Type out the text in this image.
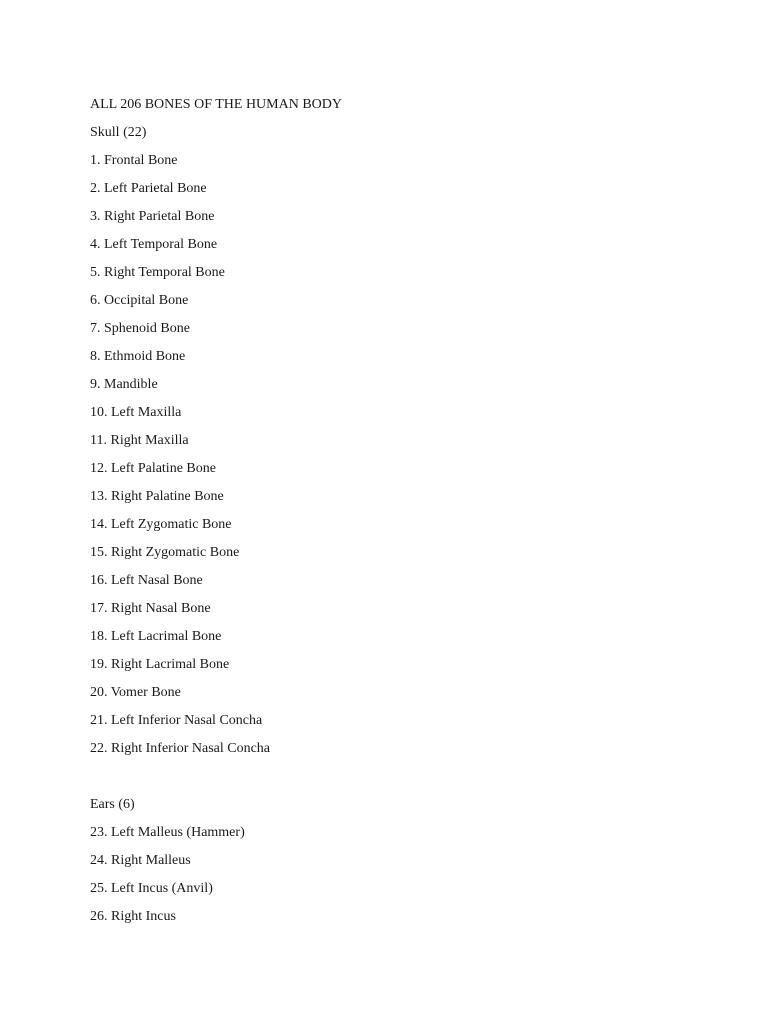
ALL 206 BONES OF THE HUMAN BODY
Skull (22)
1. Frontal Bone
2. Left Parietal Bone
3. Right Parietal Bone
4. Left Temporal Bone
5. Right Temporal Bone
6. Occipital Bone
7. Sphenoid Bone
8. Ethmoid Bone
9. Mandible
10. Left Maxilla
11. Right Maxilla
12. Left Palatine Bone
13. Right Palatine Bone
14. Left Zygomatic Bone
15. Right Zygomatic Bone
16. Left Nasal Bone
17. Right Nasal Bone
18. Left Lacrimal Bone
19. Right Lacrimal Bone
20. Vomer Bone
21. Left Inferior Nasal Concha
22. Right Inferior Nasal Concha
Ears (6)
23. Left Malleus (Hammer)
24. Right Malleus
25. Left Incus (Anvil)
26. Right Incus
